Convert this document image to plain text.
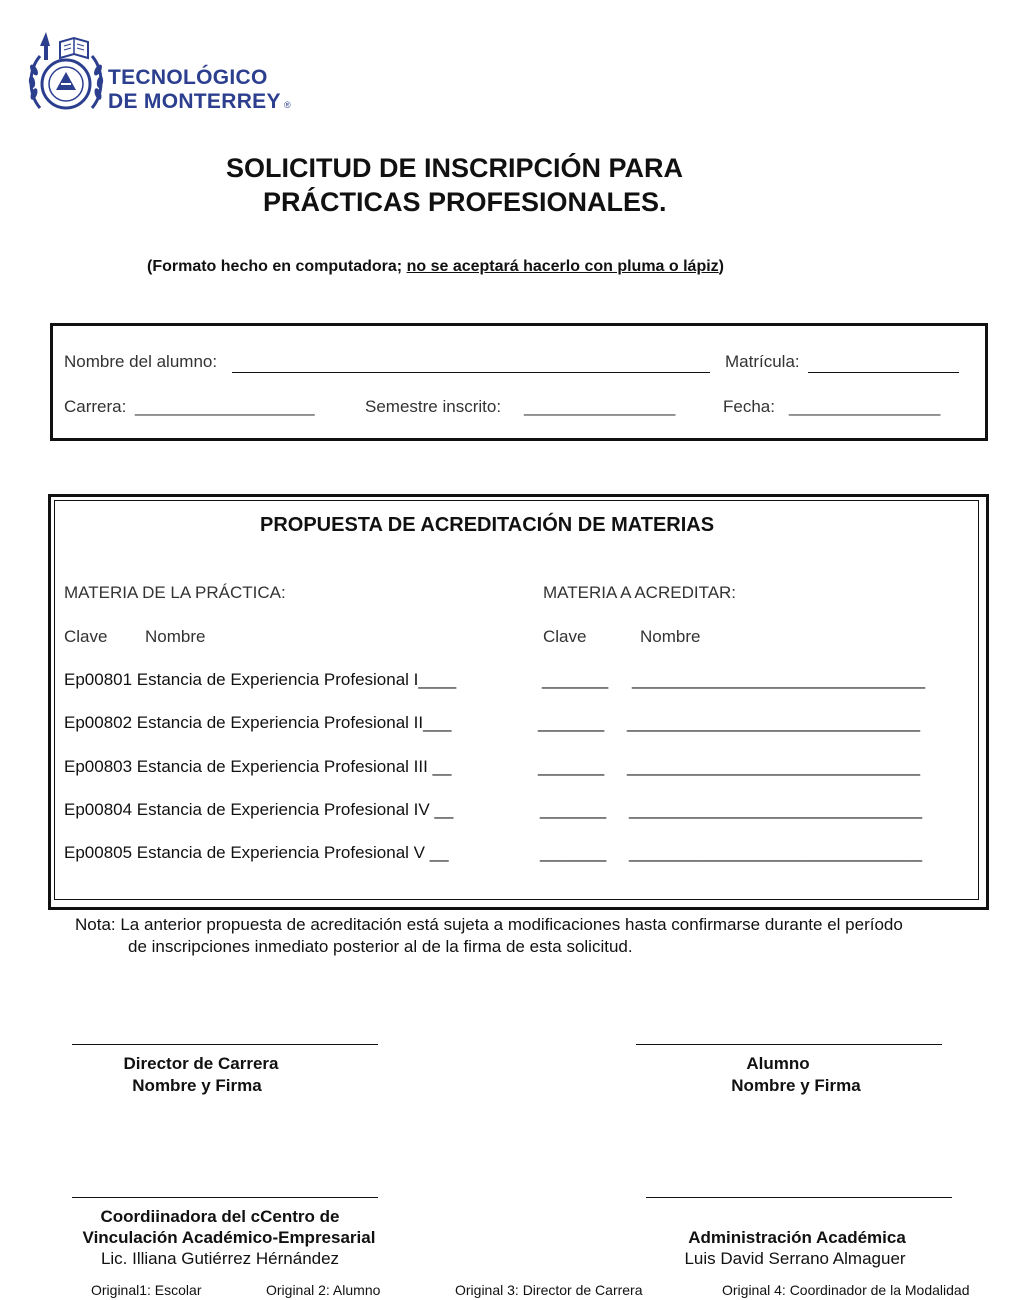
TECNOLÓGICO
DE MONTERREY ®
SOLICITUD DE INSCRIPCIÓN PARA
PRÁCTICAS PROFESIONALES.
(Formato hecho en computadora; no se aceptará hacerlo con pluma o lápiz)
Nombre del alumno:	Matrícula:
Carrera: ___________________	Semestre inscrito: ________________	Fecha: ________________
PROPUESTA DE ACREDITACIÓN DE MATERIAS
MATERIA DE LA PRÁCTICA:	MATERIA A ACREDITAR:
Clave Nombre	Clave	Nombre
Ep00801 Estancia de Experiencia Profesional I____	_______ _______________________________
Ep00802 Estancia de Experiencia Profesional II___	_______ _______________________________
Ep00803 Estancia de Experiencia Profesional III __	_______ _______________________________
Ep00804 Estancia de Experiencia Profesional IV __	_______ _______________________________
Ep00805 Estancia de Experiencia Profesional V __	_______ _______________________________
Nota: La anterior propuesta de acreditación está sujeta a modificaciones hasta confirmarse durante el período
de inscripciones inmediato posterior al de la firma de esta solicitud.
Director de Carrera
Nombre y Firma
Alumno
Nombre y Firma
Coordiinadora del cCentro de
Vinculación Académico-Empresarial
Lic. Illiana Gutiérrez Hérnández
Administración Académica
Luis David Serrano Almaguer
Original1: Escolar	Original 2: Alumno	Original 3: Director de Carrera	Original 4: Coordinador de la Modalidad
